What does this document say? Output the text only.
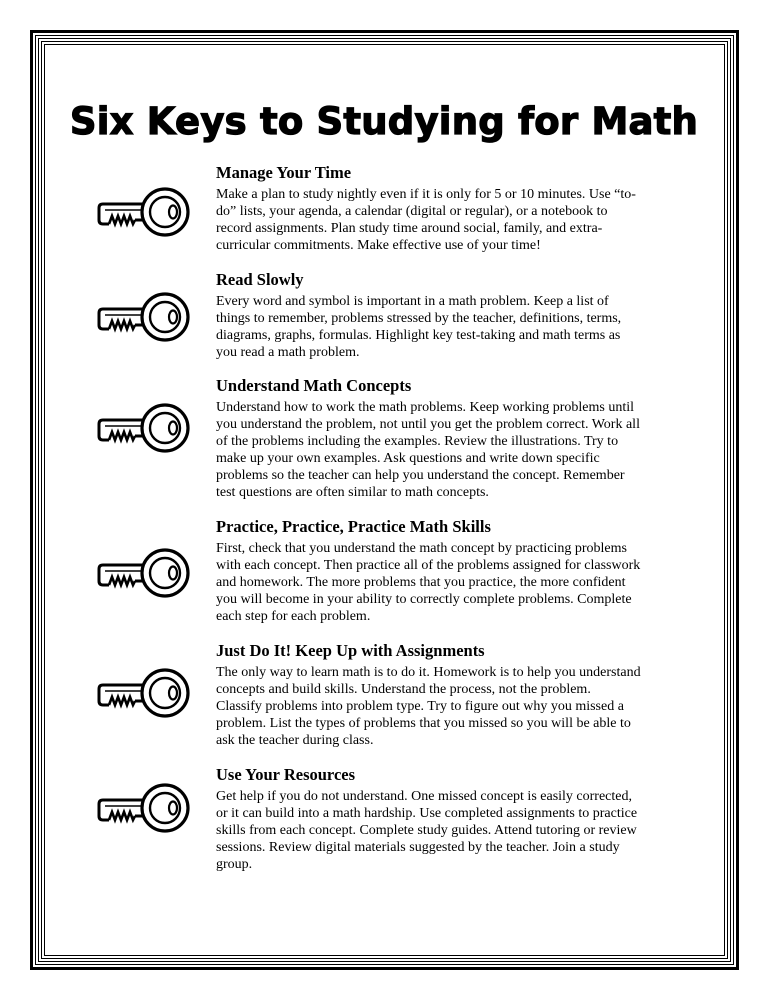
Six Keys to Studying for Math
Manage Your Time
Make a plan to study nightly even if it is only for 5 or 10 minutes. Use “to-
do” lists, your agenda, a calendar (digital or regular), or a notebook to
record assignments. Plan study time around social, family, and extra-
curricular commitments. Make effective use of your time!
Read Slowly
Every word and symbol is important in a math problem. Keep a list of
things to remember, problems stressed by the teacher, definitions, terms,
diagrams, graphs, formulas. Highlight key test-taking and math terms as
you read a math problem.
Understand Math Concepts
Understand how to work the math problems. Keep working problems until
you understand the problem, not until you get the problem correct. Work all
of the problems including the examples. Review the illustrations. Try to
make up your own examples. Ask questions and write down specific
problems so the teacher can help you understand the concept. Remember
test questions are often similar to math concepts.
Practice, Practice, Practice Math Skills
First, check that you understand the math concept by practicing problems
with each concept. Then practice all of the problems assigned for classwork
and homework. The more problems that you practice, the more confident
you will become in your ability to correctly complete problems. Complete
each step for each problem.
Just Do It! Keep Up with Assignments
The only way to learn math is to do it. Homework is to help you understand
concepts and build skills. Understand the process, not the problem.
Classify problems into problem type. Try to figure out why you missed a
problem. List the types of problems that you missed so you will be able to
ask the teacher during class.
Use Your Resources
Get help if you do not understand. One missed concept is easily corrected,
or it can build into a math hardship. Use completed assignments to practice
skills from each concept. Complete study guides. Attend tutoring or review
sessions. Review digital materials suggested by the teacher. Join a study
group.
